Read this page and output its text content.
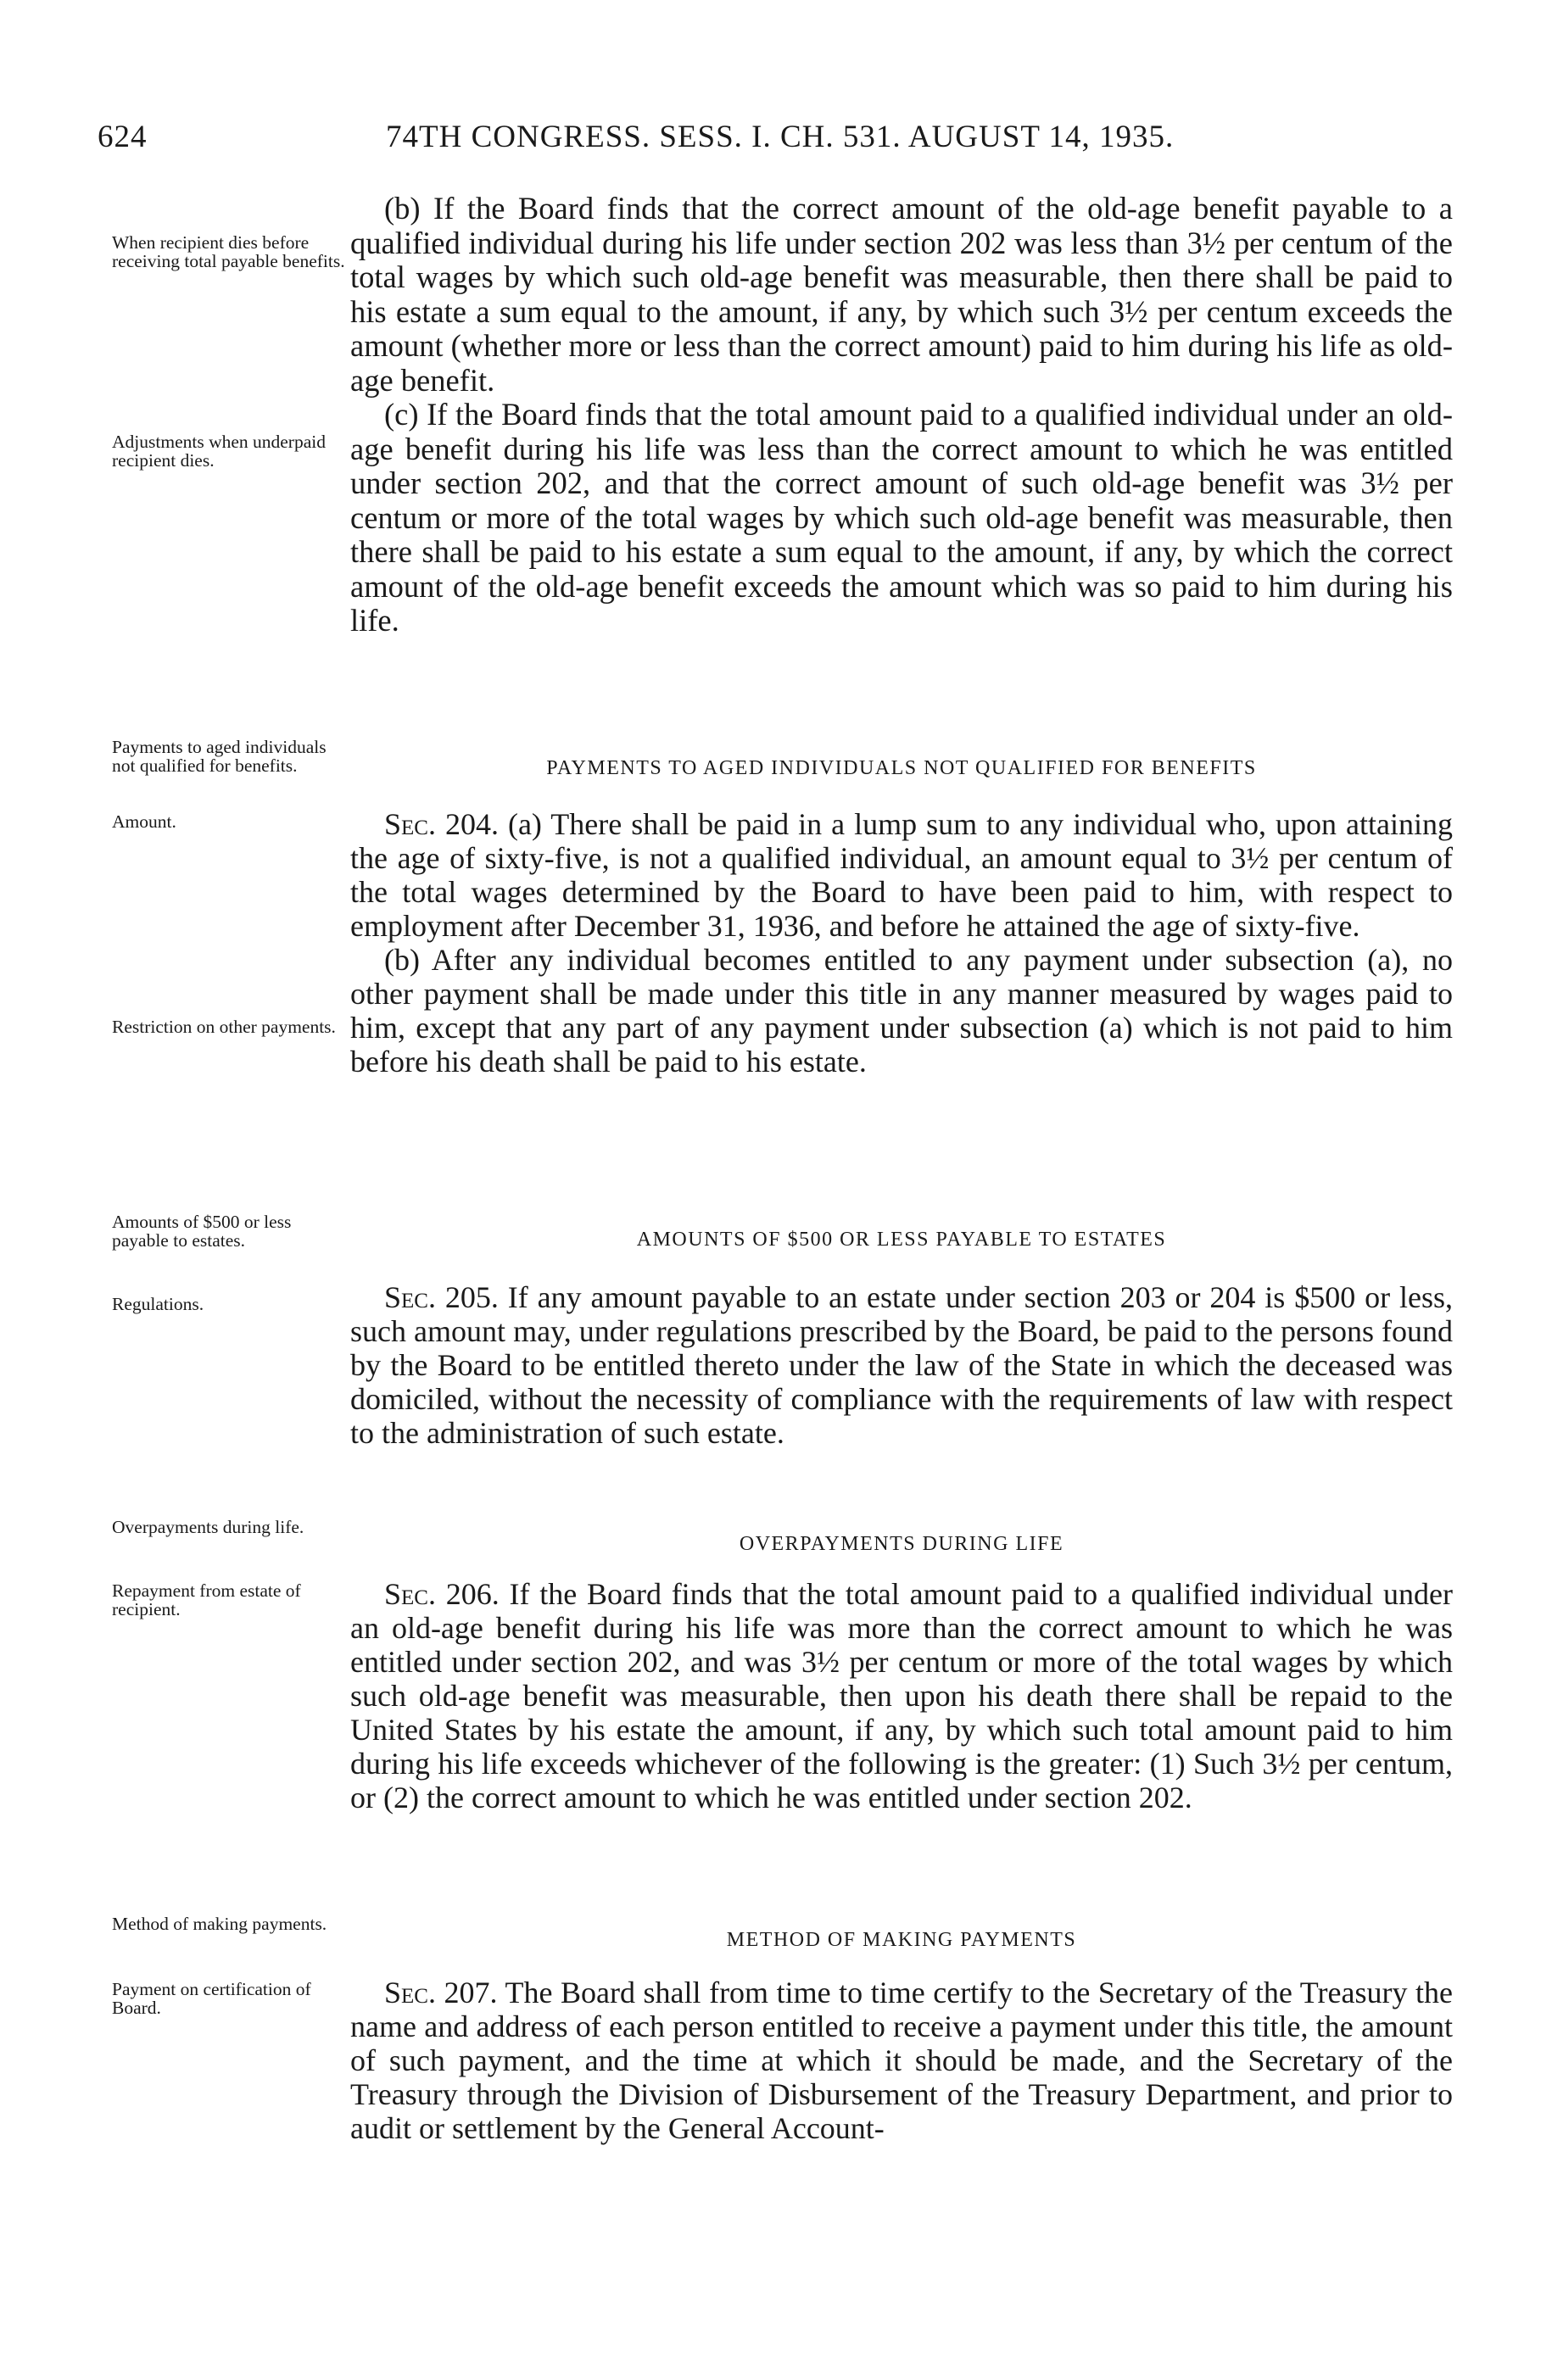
624	74TH CONGRESS. SESS. I. CH. 531. AUGUST 14, 1935.
When recipient dies before receiving total payable benefits.
Adjustments when underpaid recipient dies.
Payments to aged individuals not qualified for benefits.
Amount.
Restriction on other payments.
Amounts of $500 or less payable to estates.
Regulations.
Overpayments during life.
Repayment from estate of recipient.
Method of making payments.
Payment on certification of Board.

(b) If the Board finds that the correct amount of the old-age benefit payable to a qualified individual during his life under section 202 was less than 3½ per centum of the total wages by which such old-age benefit was measurable, then there shall be paid to his estate a sum equal to the amount, if any, by which such 3½ per centum exceeds the amount (whether more or less than the correct amount) paid to him during his life as old-age benefit.

(c) If the Board finds that the total amount paid to a qualified individual under an old-age benefit during his life was less than the correct amount to which he was entitled under section 202, and that the correct amount of such old-age benefit was 3½ per centum or more of the total wages by which such old-age benefit was measurable, then there shall be paid to his estate a sum equal to the amount, if any, by which the correct amount of the old-age benefit exceeds the amount which was so paid to him during his life.

PAYMENTS TO AGED INDIVIDUALS NOT QUALIFIED FOR BENEFITS

Sec. 204. (a) There shall be paid in a lump sum to any individual who, upon attaining the age of sixty-five, is not a qualified individual, an amount equal to 3½ per centum of the total wages determined by the Board to have been paid to him, with respect to employment after December 31, 1936, and before he attained the age of sixty-five.

(b) After any individual becomes entitled to any payment under subsection (a), no other payment shall be made under this title in any manner measured by wages paid to him, except that any part of any payment under subsection (a) which is not paid to him before his death shall be paid to his estate.

AMOUNTS OF $500 OR LESS PAYABLE TO ESTATES

Sec. 205. If any amount payable to an estate under section 203 or 204 is $500 or less, such amount may, under regulations prescribed by the Board, be paid to the persons found by the Board to be entitled thereto under the law of the State in which the deceased was domiciled, without the necessity of compliance with the requirements of law with respect to the administration of such estate.

OVERPAYMENTS DURING LIFE

Sec. 206. If the Board finds that the total amount paid to a qualified individual under an old-age benefit during his life was more than the correct amount to which he was entitled under section 202, and was 3½ per centum or more of the total wages by which such old-age benefit was measurable, then upon his death there shall be repaid to the United States by his estate the amount, if any, by which such total amount paid to him during his life exceeds whichever of the following is the greater: (1) Such 3½ per centum, or (2) the correct amount to which he was entitled under section 202.

METHOD OF MAKING PAYMENTS

Sec. 207. The Board shall from time to time certify to the Secretary of the Treasury the name and address of each person entitled to receive a payment under this title, the amount of such payment, and the time at which it should be made, and the Secretary of the Treasury through the Division of Disbursement of the Treasury Department, and prior to audit or settlement by the General Account-
